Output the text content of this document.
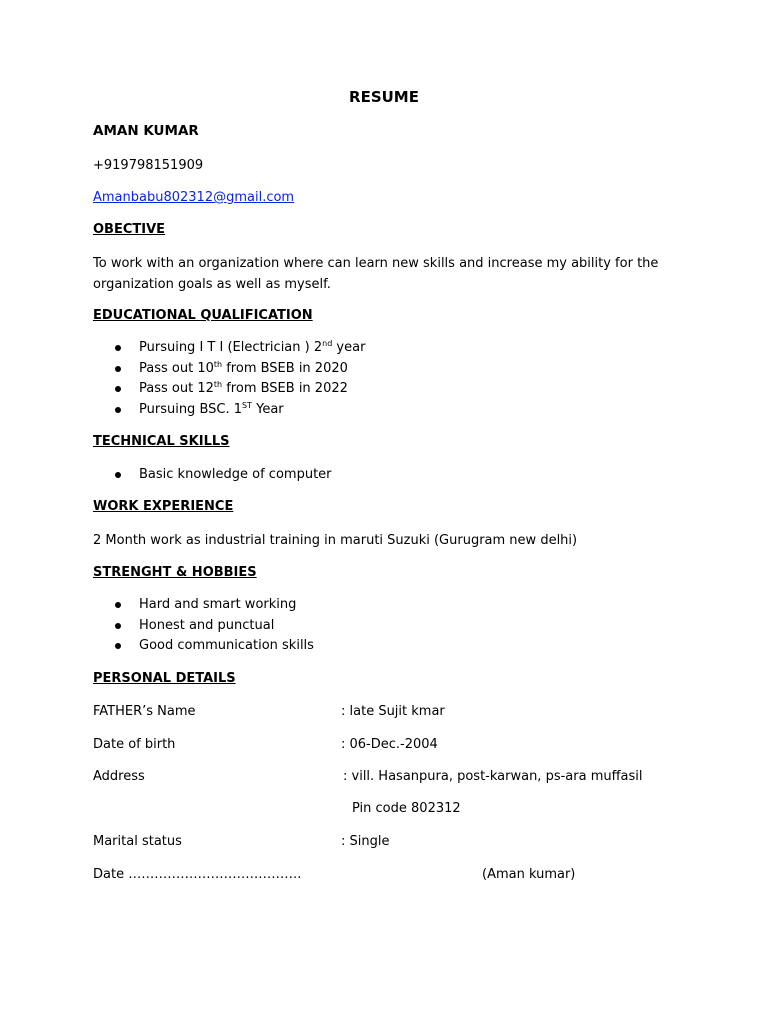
RESUME
AMAN KUMAR
+919798151909
Amanbabu802312@gmail.com
OBECTIVE
To work with an organization where can learn new skills and increase my ability for the organization goals as well as myself.
EDUCATIONAL QUALIFICATION
Pursuing I T I (Electrician ) 2nd year
Pass out 10th from BSEB in 2020
Pass out 12th from BSEB in 2022
Pursuing BSC. 1ST Year
TECHNICAL SKILLS
Basic knowledge of computer
WORK EXPERIENCE
2 Month work as industrial training in maruti Suzuki (Gurugram new delhi)
STRENGHT & HOBBIES
Hard and smart working
Honest and punctual
Good communication skills
PERSONAL DETAILS
FATHER’s Name	: late Sujit kmar
Date of birth	: 06-Dec.-2004
Address	: vill. Hasanpura, post-karwan, ps-ara muffasil
Pin code 802312
Marital status	: Single
Date ………………………………….	(Aman kumar)
